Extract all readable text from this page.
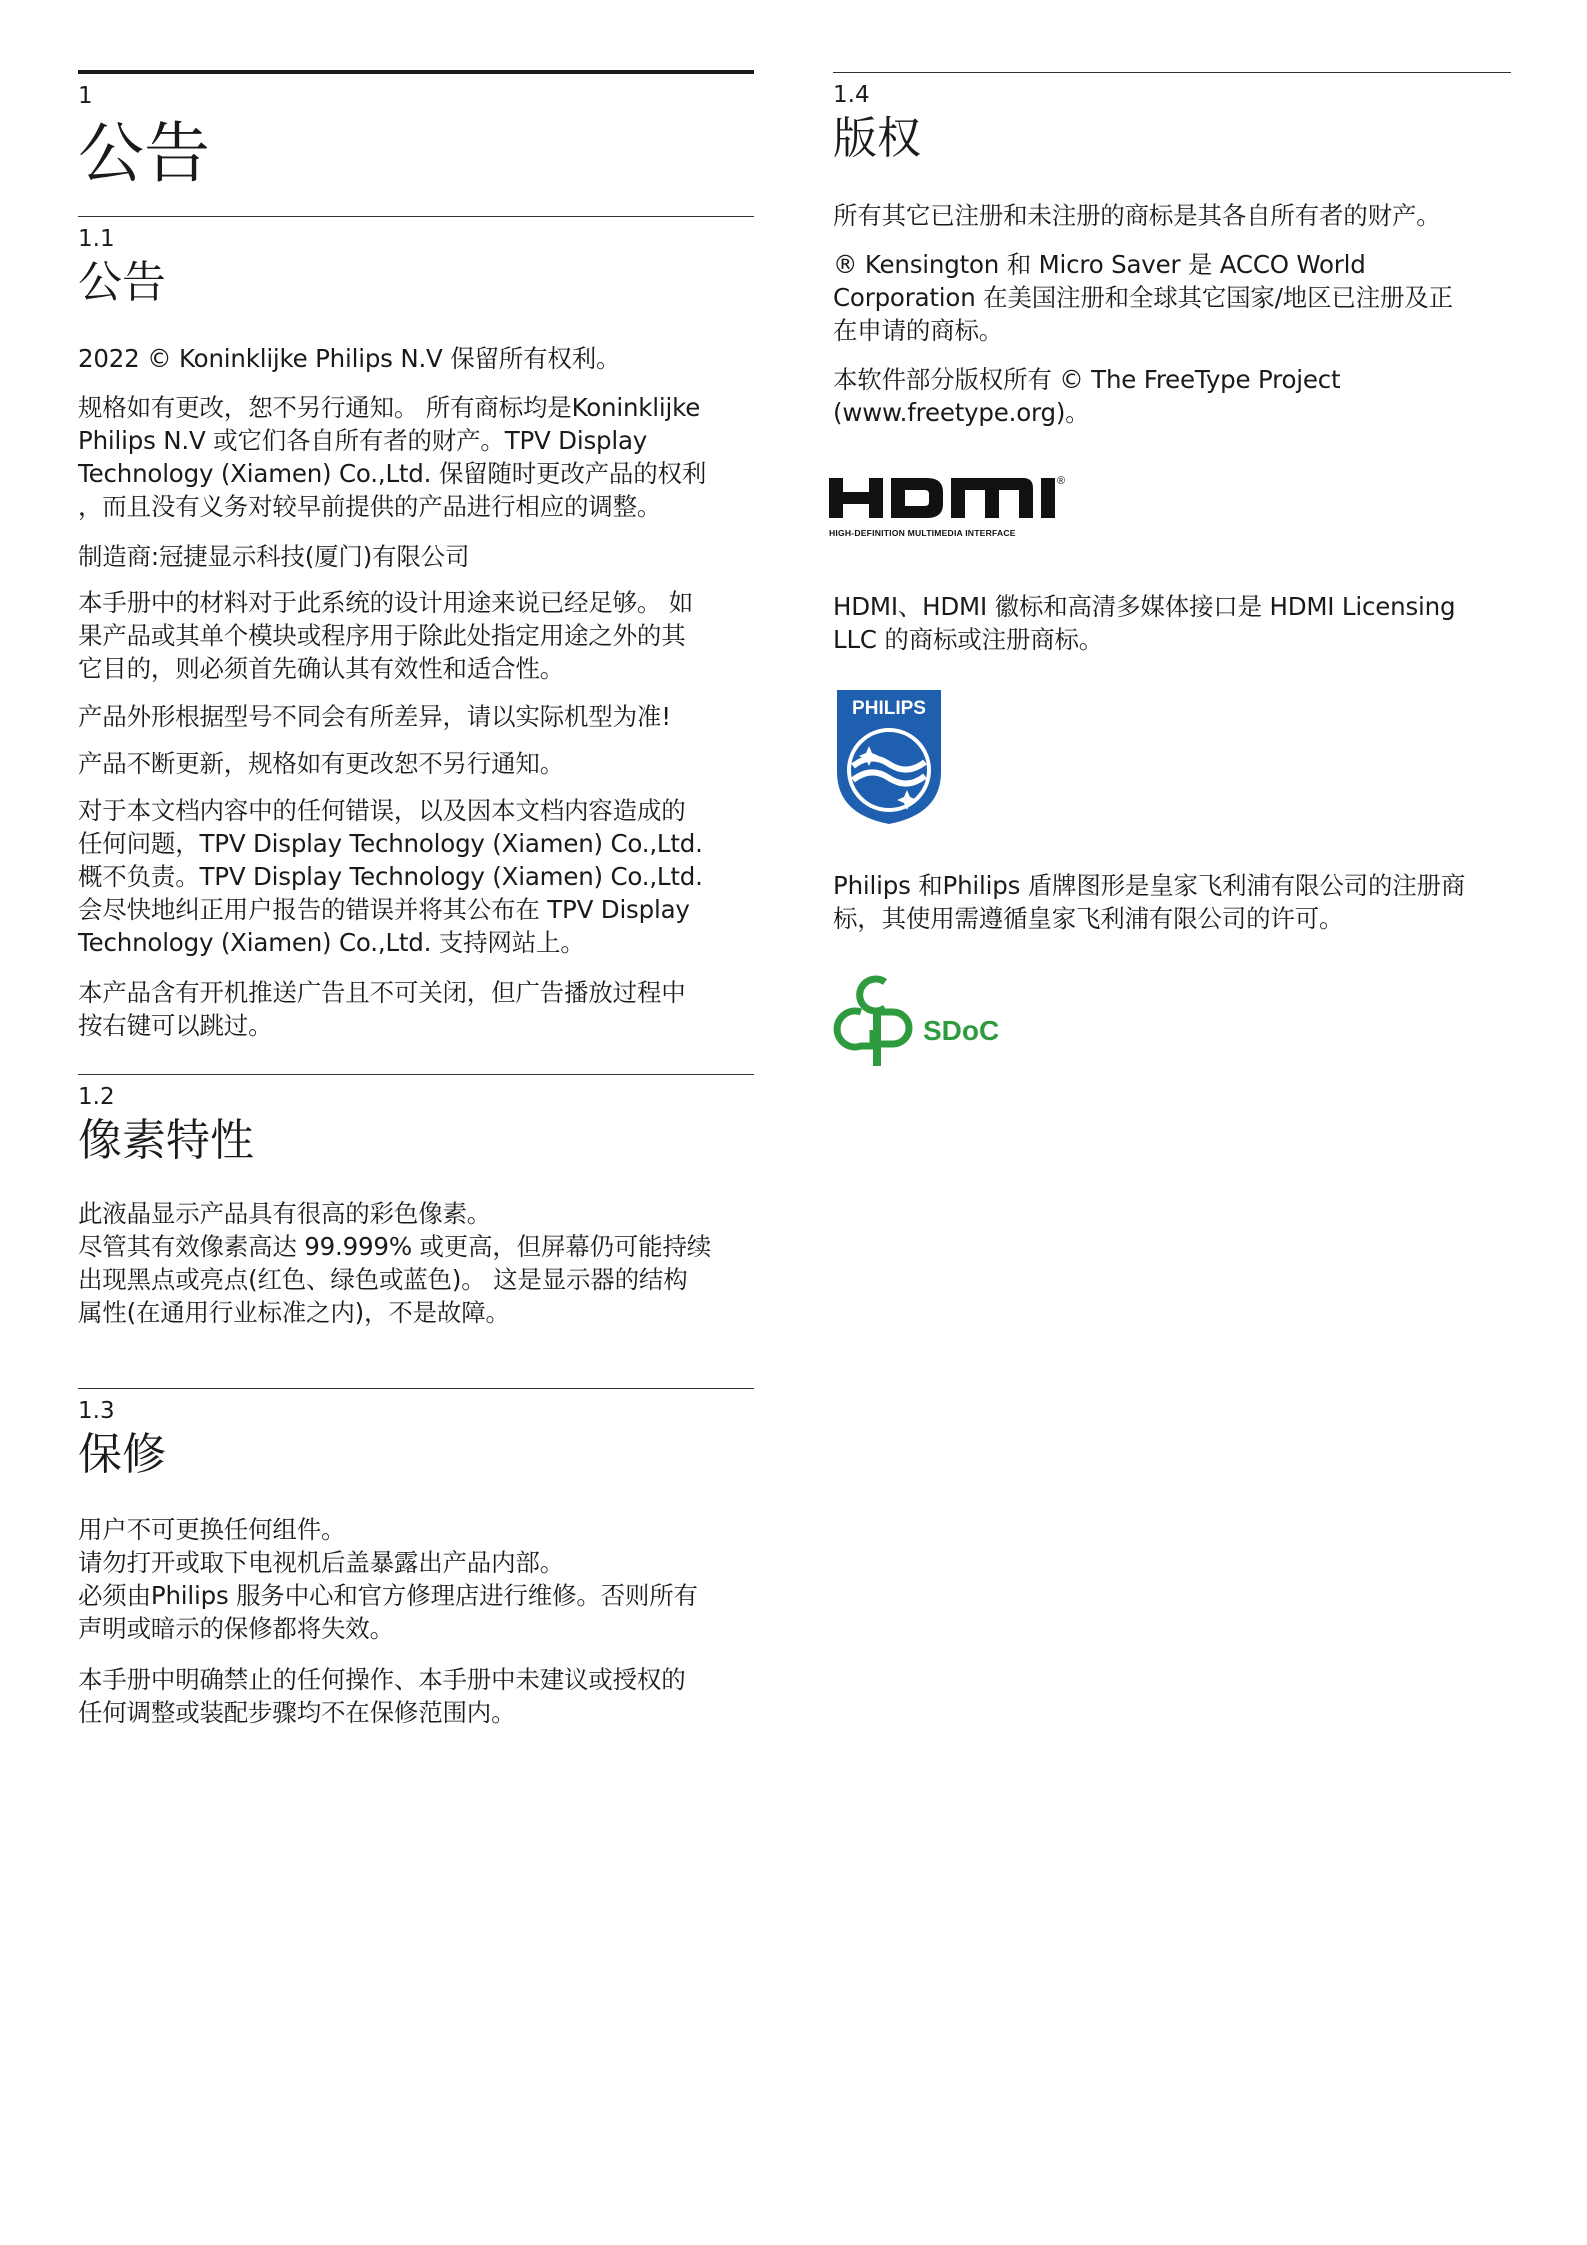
1
公告
1.1
公告

2022 © Koninklijke Philips N.V 保留所有权利。

规格如有更改，恕不另行通知。 所有商标均是Koninklijke
Philips N.V 或它们各自所有者的财产。TPV Display
Technology (Xiamen) Co.,Ltd. 保留随时更改产品的权利
，而且没有义务对较早前提供的产品进行相应的调整。

制造商:冠捷显示科技(厦门)有限公司

本手册中的材料对于此系统的设计用途来说已经足够。 如
果产品或其单个模块或程序用于除此处指定用途之外的其
它目的，则必须首先确认其有效性和适合性。

产品外形根据型号不同会有所差异，请以实际机型为准!

产品不断更新，规格如有更改恕不另行通知。

对于本文档内容中的任何错误，以及因本文档内容造成的
任何问题，TPV Display Technology (Xiamen) Co.,Ltd.
概不负责。TPV Display Technology (Xiamen) Co.,Ltd.
会尽快地纠正用户报告的错误并将其公布在 TPV Display
Technology (Xiamen) Co.,Ltd. 支持网站上。

本产品含有开机推送广告且不可关闭，但广告播放过程中
按右键可以跳过。

1.2
像素特性

此液晶显示产品具有很高的彩色像素。
尽管其有效像素高达 99.999% 或更高，但屏幕仍可能持续
出现黑点或亮点(红色、绿色或蓝色)。 这是显示器的结构
属性(在通用行业标准之内)，不是故障。

1.3
保修

用户不可更换任何组件。
请勿打开或取下电视机后盖暴露出产品内部。
必须由Philips 服务中心和官方修理店进行维修。否则所有
声明或暗示的保修都将失效。

本手册中明确禁止的任何操作、本手册中未建议或授权的
任何调整或装配步骤均不在保修范围内。

1.4
版权

所有其它已注册和未注册的商标是其各自所有者的财产。

® Kensington 和 Micro Saver 是 ACCO World
Corporation 在美国注册和全球其它国家/地区已注册及正
在申请的商标。

本软件部分版权所有 © The FreeType Project
(www.freetype.org)。

®
HIGH-DEFINITION MULTIMEDIA INTERFACE

HDMI、HDMI 徽标和高清多媒体接口是 HDMI Licensing
LLC 的商标或注册商标。

PHILIPS

Philips 和Philips 盾牌图形是皇家飞利浦有限公司的注册商
标，其使用需遵循皇家飞利浦有限公司的许可。

SDoC
